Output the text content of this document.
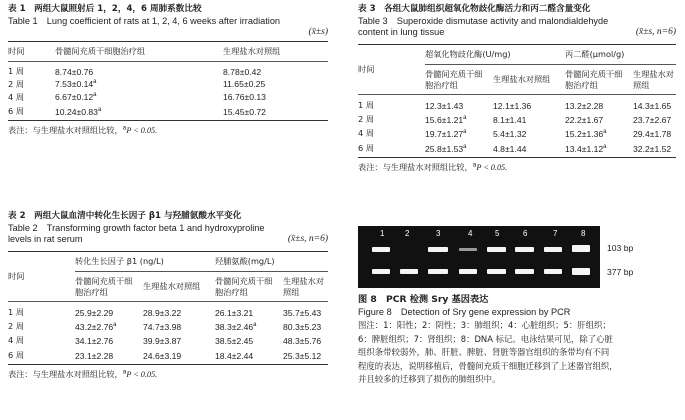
表 1　两组大鼠照射后 1，2，4，6 周肺系数比较
Table 1　Lung coefficient of rats at 1, 2, 4, 6 weeks after irradiation
(x̄±s)
时间	骨髓间充质干细胞治疗组	生理盐水对照组
1 周	8.74±0.76	8.78±0.42
2 周	7.53±0.14$^a$	11.65±0.25
4 周	6.67±0.12$^a$	16.76±0.13
6 周	10.24±0.83$^a$	15.45±0.72
表注：与生理盐水对照组比较，$^a$P < 0.05.
表 2　两组大鼠血清中转化生长因子 β1 与羟脯氨酸水平变化
Table 2　Transforming growth factor beta 1 and hydroxyproline
levels in rat serum	(x̄±s, n=6)
时间	转化生长因子 β1 (ng/L)		羟脯氨酸(mg/L)	
	骨髓间充质干细胞治疗组	生理盐水对照组	骨髓间充质干细胞治疗组	生理盐水对照组
1 周	25.9±2.29	28.9±3.22	26.1±3.21	35.7±5.43
2 周	43.2±2.76$^a$	74.7±3.98	38.3±2.46$^a$	80.3±5.23
4 周	34.1±2.76	39.9±3.87	38.5±2.45	48.3±5.76
6 周	23.1±2.28	24.6±3.19	18.4±2.44	25.3±5.12
表注：与生理盐水对照组比较，$^a$P < 0.05.
表 3　各组大鼠肺组织超氧化物歧化酶活力和丙二醛含量变化
Table 3　Superoxide dismutase activity and malondialdehyde
content in lung tissue	(x̄±s, n=6)
时间	超氧化物歧化酶(U/mg)		丙二醛(μmol/g)	
	骨髓间充质干细胞治疗组	生理盐水对照组	骨髓间充质干细胞治疗组	生理盐水对照组
1 周	12.3±1.43	12.1±1.36	13.2±2.28	14.3±1.65
2 周	15.6±1.21$^a$	8.1±1.41	22.2±1.67	23.7±2.67
4 周	19.7±1.27$^a$	5.4±1.32	15.2±1.36$^a$	29.4±1.78
6 周	25.8±1.53$^a$	4.8±1.44	13.4±1.12$^a$	32.2±1.52
表注：与生理盐水对照组比较，$^a$P < 0.05.
1	2	3	4	5	6	7	8
103 bp
377 bp
图 8　PCR 检测 Sry 基因表达
Figure 8　Detection of Sry gene expression by PCR
图注：1：阳性；2：阴性；3：肺组织；4：心脏组织；5：肝组织；
6：脾脏组织；7：肾组织；8：DNA 标记。电泳结果可见，除了心脏
组织条带较弱外，肺、肝脏、脾脏、肾脏等器官组织的条带均有不同
程度的表达，说明移植后，骨髓间充质干细胞迁移到了上述器官组织，
并且较多的迁移到了损伤的肺组织中。
